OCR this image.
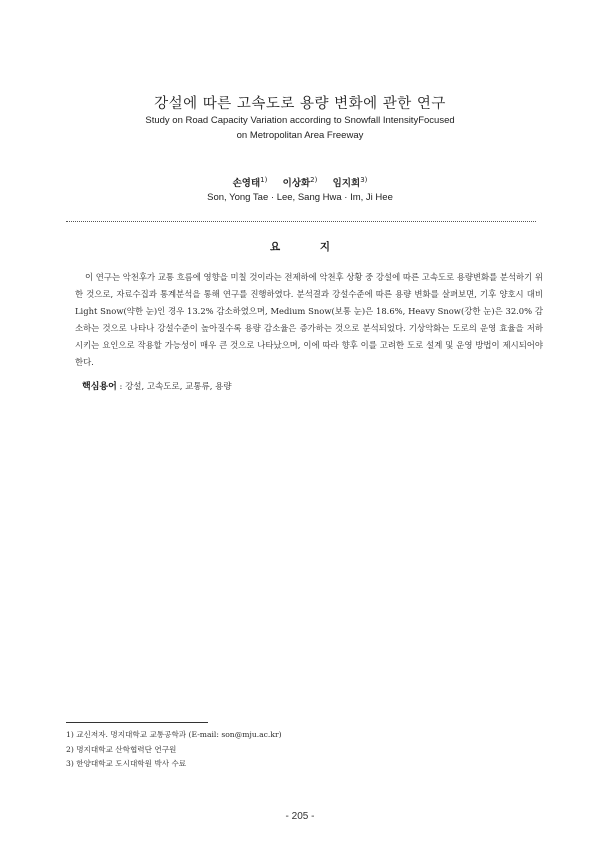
강설에 따른 고속도로 용량 변화에 관한 연구
Study on Road Capacity Variation according to Snowfall IntensityFocused
on Metropolitan Area Freeway
손영태$^{1)}$ 이상화$^{2)}$ 임지희$^{3)}$
Son, Yong Tae · Lee, Sang Hwa · Im, Ji Hee
요 지
이 연구는 악천후가 교통 흐름에 영향을 미칠 것이라는 전제하에 악천후 상황 중 강설에 따른 고속도로 용량변화를 분석하기 위한 것으로, 자료수집과 통계분석을 통해 연구를 진행하였다. 분석결과 강설수준에 따른 용량 변화를 살펴보면, 기후 양호시 대비 Light Snow(약한 눈)인 경우 13.2% 감소하였으며, Medium Snow(보통 눈)은 18.6%, Heavy Snow(강한 눈)은 32.0% 감소하는 것으로 나타나 강설수준이 높아질수록 용량 감소율은 증가하는 것으로 분석되었다. 기상악화는 도로의 운영 효율을 저하시키는 요인으로 작용할 가능성이 매우 큰 것으로 나타났으며, 이에 따라 향후 이를 고려한 도로 설계 및 운영 방법이 제시되어야 한다.
핵심용어 : 강설, 고속도로, 교통류, 용량
1) 교신저자. 명지대학교 교통공학과 (E-mail: son@mju.ac.kr)
2) 명지대학교 산학협력단 연구원
3) 한양대학교 도시대학원 박사 수료
- 205 -
